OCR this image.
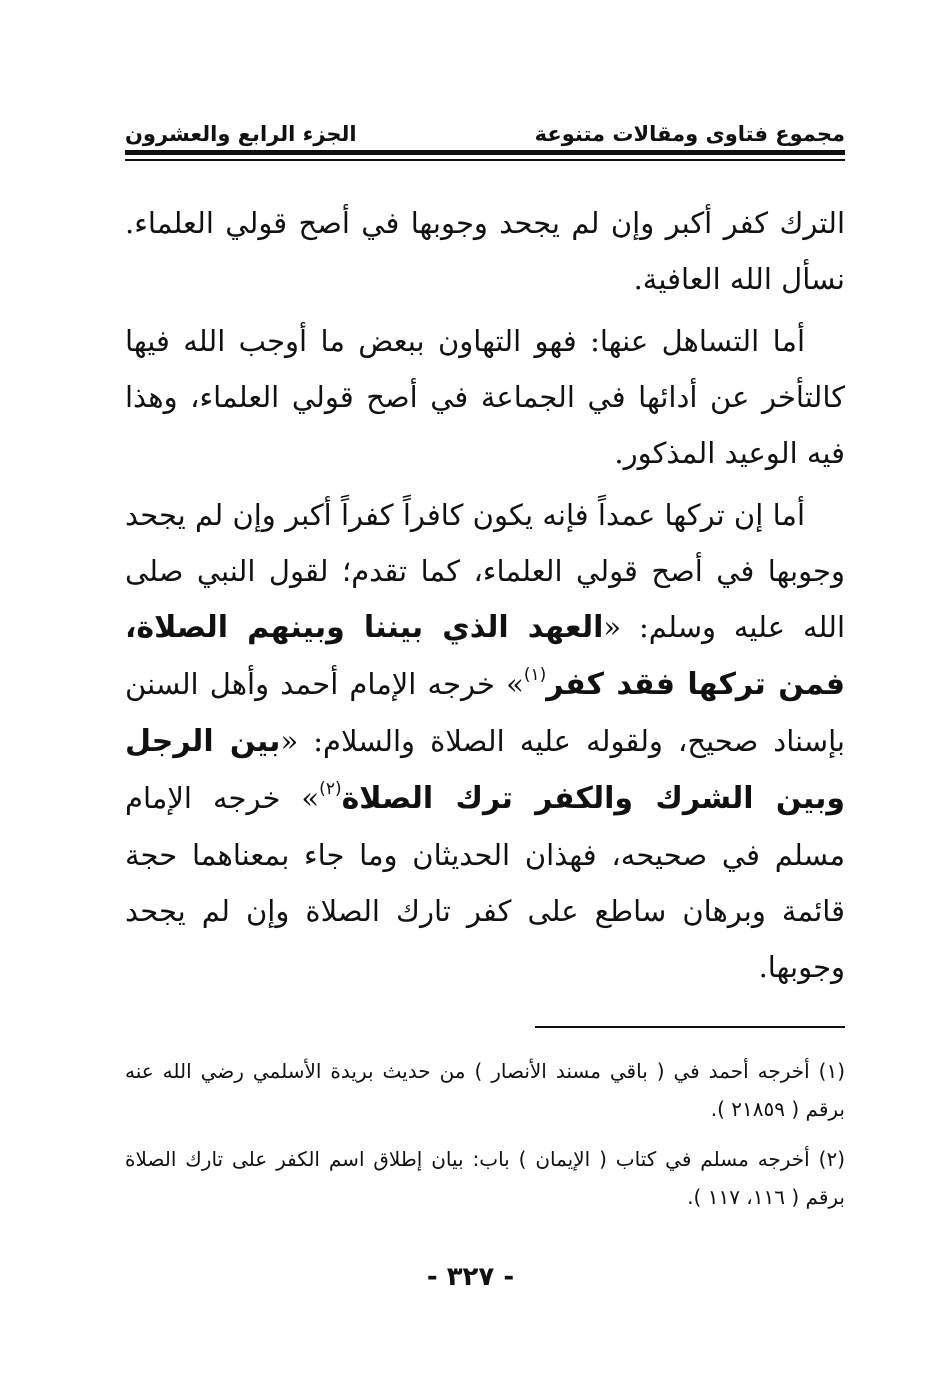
مجموع فتاوى ومقالات متنوعة
الجزء الرابع والعشرون

الترك كفر أكبر وإن لم يجحد وجوبها في أصح قولي العلماء. نسأل الله العافية.

أما التساهل عنها: فهو التهاون ببعض ما أوجب الله فيها كالتأخر عن أدائها في الجماعة في أصح قولي العلماء، وهذا فيه الوعيد المذكور.

أما إن تركها عمداً فإنه يكون كافراً كفراً أكبر وإن لم يجحد وجوبها في أصح قولي العلماء، كما تقدم؛ لقول النبي صلى الله عليه وسلم: «العهد الذي بيننا وبينهم الصلاة، فمن تركها فقد كفر$^{(١)}$» خرجه الإمام أحمد وأهل السنن بإسناد صحيح، ولقوله عليه الصلاة والسلام: «بين الرجل وبين الشرك والكفر ترك الصلاة$^{(٢)}$» خرجه الإمام مسلم في صحيحه، فهذان الحديثان وما جاء بمعناهما حجة قائمة وبرهان ساطع على كفر تارك الصلاة وإن لم يجحد وجوبها.

(١) أخرجه أحمد في ( باقي مسند الأنصار ) من حديث بريدة الأسلمي رضي الله عنه برقم ( ٢١٨٥٩ ).

(٢) أخرجه مسلم في كتاب ( الإيمان ) باب: بيان إطلاق اسم الكفر على تارك الصلاة برقم ( ١١٦، ١١٧ ).

- ٣٢٧ -
